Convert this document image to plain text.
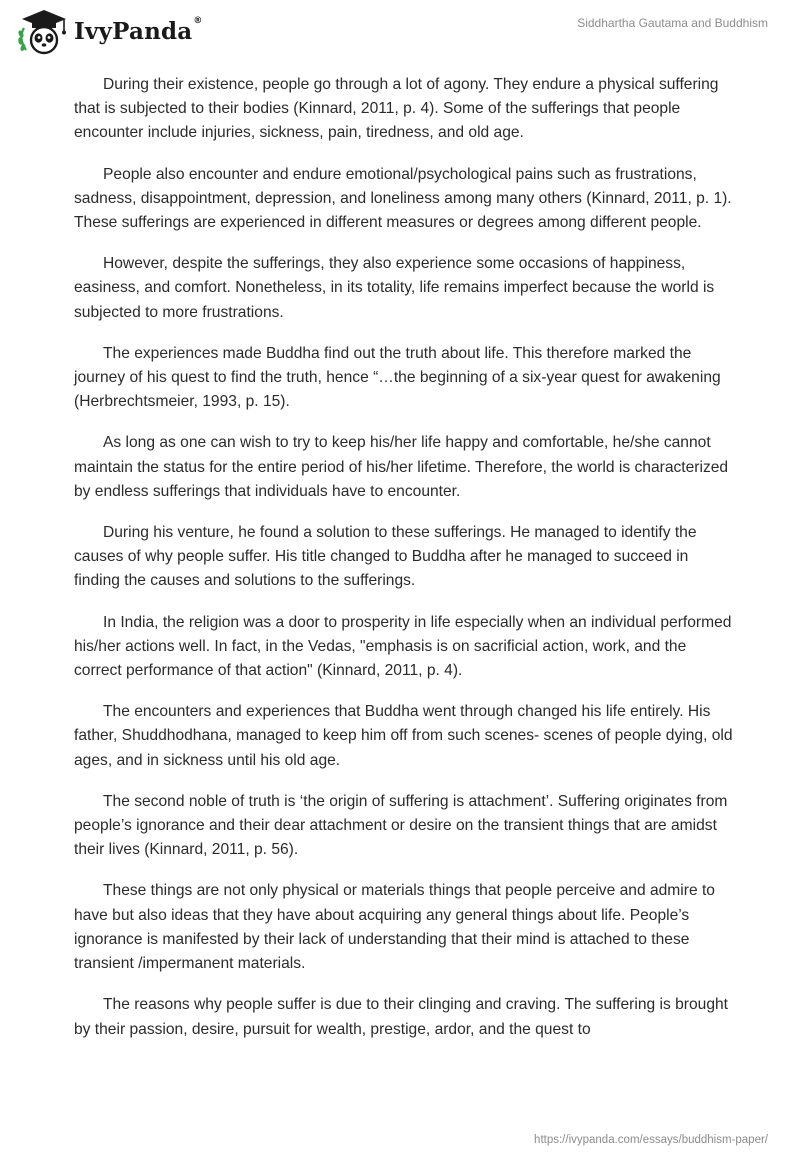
IvyPanda®	Siddhartha Gautama and Buddhism

During their existence, people go through a lot of agony. They endure a physical suffering that is subjected to their bodies (Kinnard, 2011, p. 4). Some of the sufferings that people encounter include injuries, sickness, pain, tiredness, and old age.

People also encounter and endure emotional/psychological pains such as frustrations, sadness, disappointment, depression, and loneliness among many others (Kinnard, 2011, p. 1). These sufferings are experienced in different measures or degrees among different people.

However, despite the sufferings, they also experience some occasions of happiness, easiness, and comfort. Nonetheless, in its totality, life remains imperfect because the world is subjected to more frustrations.

The experiences made Buddha find out the truth about life. This therefore marked the journey of his quest to find the truth, hence “…the beginning of a six-year quest for awakening (Herbrechtsmeier, 1993, p. 15).

As long as one can wish to try to keep his/her life happy and comfortable, he/she cannot maintain the status for the entire period of his/her lifetime. Therefore, the world is characterized by endless sufferings that individuals have to encounter.

During his venture, he found a solution to these sufferings. He managed to identify the causes of why people suffer. His title changed to Buddha after he managed to succeed in finding the causes and solutions to the sufferings.

In India, the religion was a door to prosperity in life especially when an individual performed his/her actions well. In fact, in the Vedas, "emphasis is on sacrificial action, work, and the correct performance of that action" (Kinnard, 2011, p. 4).

The encounters and experiences that Buddha went through changed his life entirely. His father, Shuddhodhana, managed to keep him off from such scenes- scenes of people dying, old ages, and in sickness until his old age.

The second noble of truth is ‘the origin of suffering is attachment’. Suffering originates from people’s ignorance and their dear attachment or desire on the transient things that are amidst their lives (Kinnard, 2011, p. 56).

These things are not only physical or materials things that people perceive and admire to have but also ideas that they have about acquiring any general things about life. People’s ignorance is manifested by their lack of understanding that their mind is attached to these transient /impermanent materials.

The reasons why people suffer is due to their clinging and craving. The suffering is brought by their passion, desire, pursuit for wealth, prestige, ardor, and the quest to

https://ivypanda.com/essays/buddhism-paper/
